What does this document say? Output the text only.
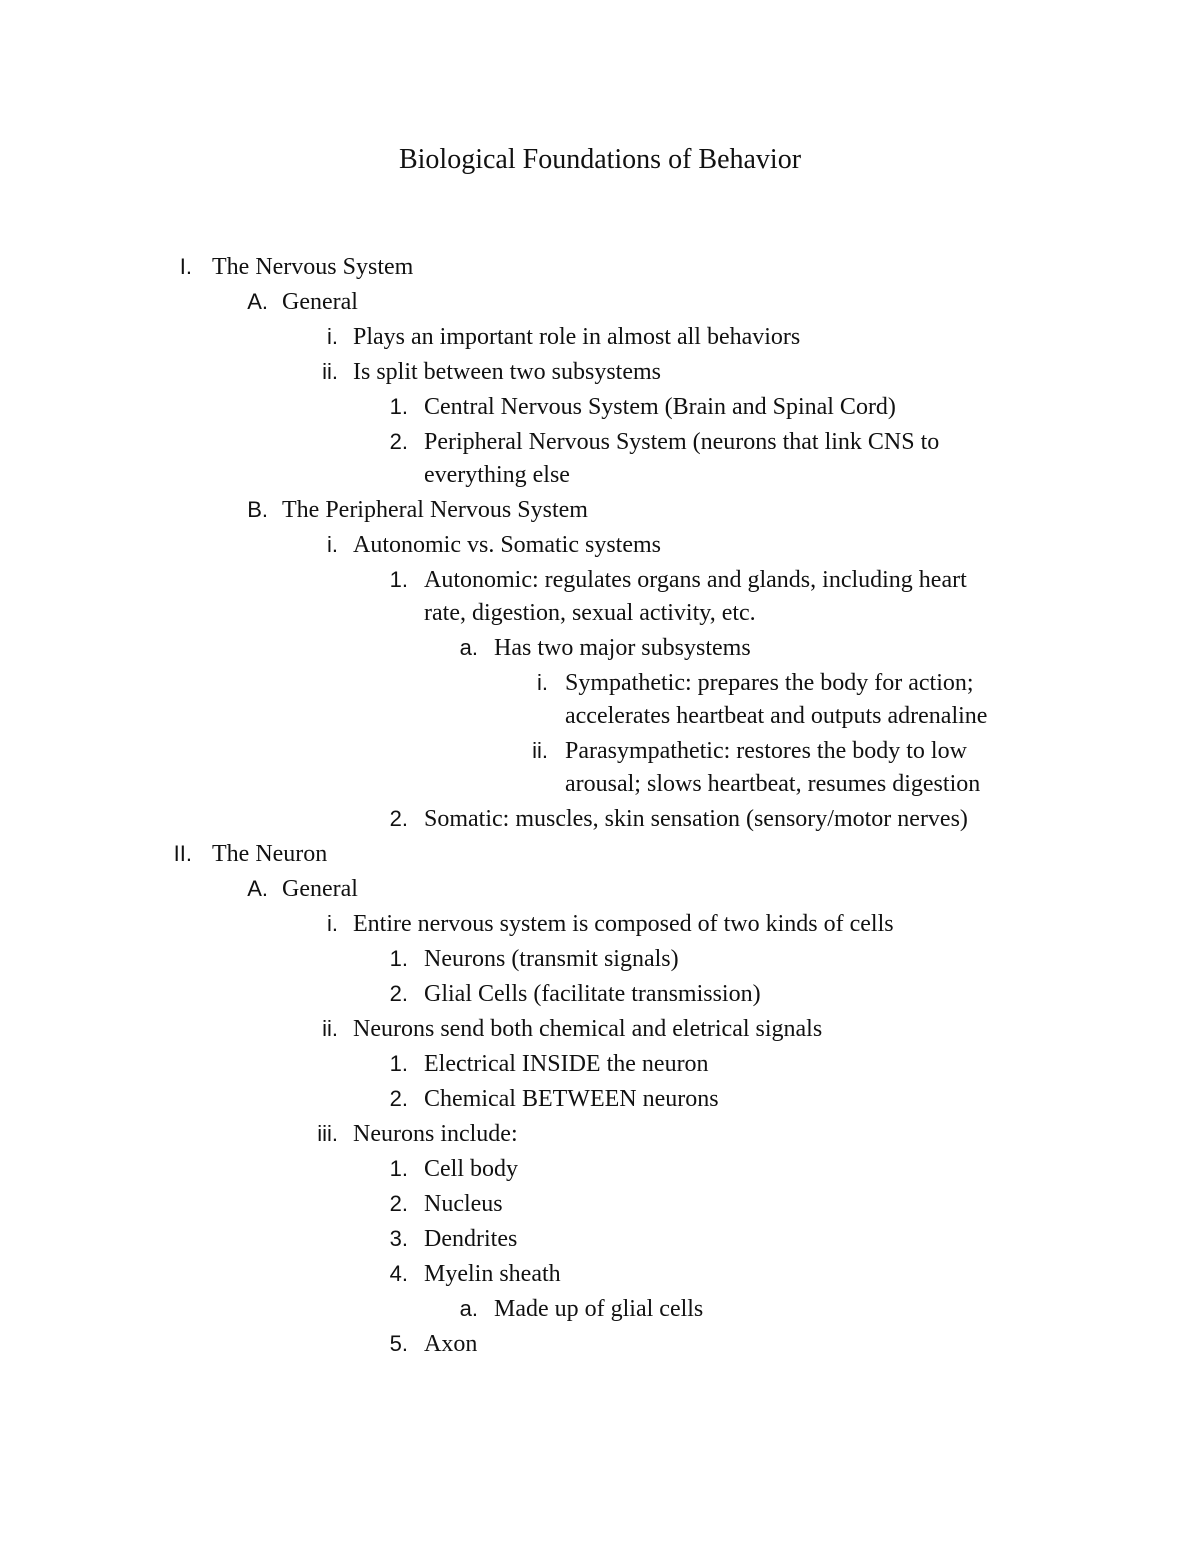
Biological Foundations of Behavior
I. The Nervous System
A. General
i. Plays an important role in almost all behaviors
ii. Is split between two subsystems
1. Central Nervous System (Brain and Spinal Cord)
2. Peripheral Nervous System (neurons that link CNS to
everything else
B. The Peripheral Nervous System
i. Autonomic vs. Somatic systems
1. Autonomic: regulates organs and glands, including heart
rate, digestion, sexual activity, etc.
a. Has two major subsystems
i. Sympathetic: prepares the body for action;
accelerates heartbeat and outputs adrenaline
ii. Parasympathetic: restores the body to low
arousal; slows heartbeat, resumes digestion
2. Somatic: muscles, skin sensation (sensory/motor nerves)
II. The Neuron
A. General
i. Entire nervous system is composed of two kinds of cells
1. Neurons (transmit signals)
2. Glial Cells (facilitate transmission)
ii. Neurons send both chemical and eletrical signals
1. Electrical INSIDE the neuron
2. Chemical BETWEEN neurons
iii. Neurons include:
1. Cell body
2. Nucleus
3. Dendrites
4. Myelin sheath
a. Made up of glial cells
5. Axon
